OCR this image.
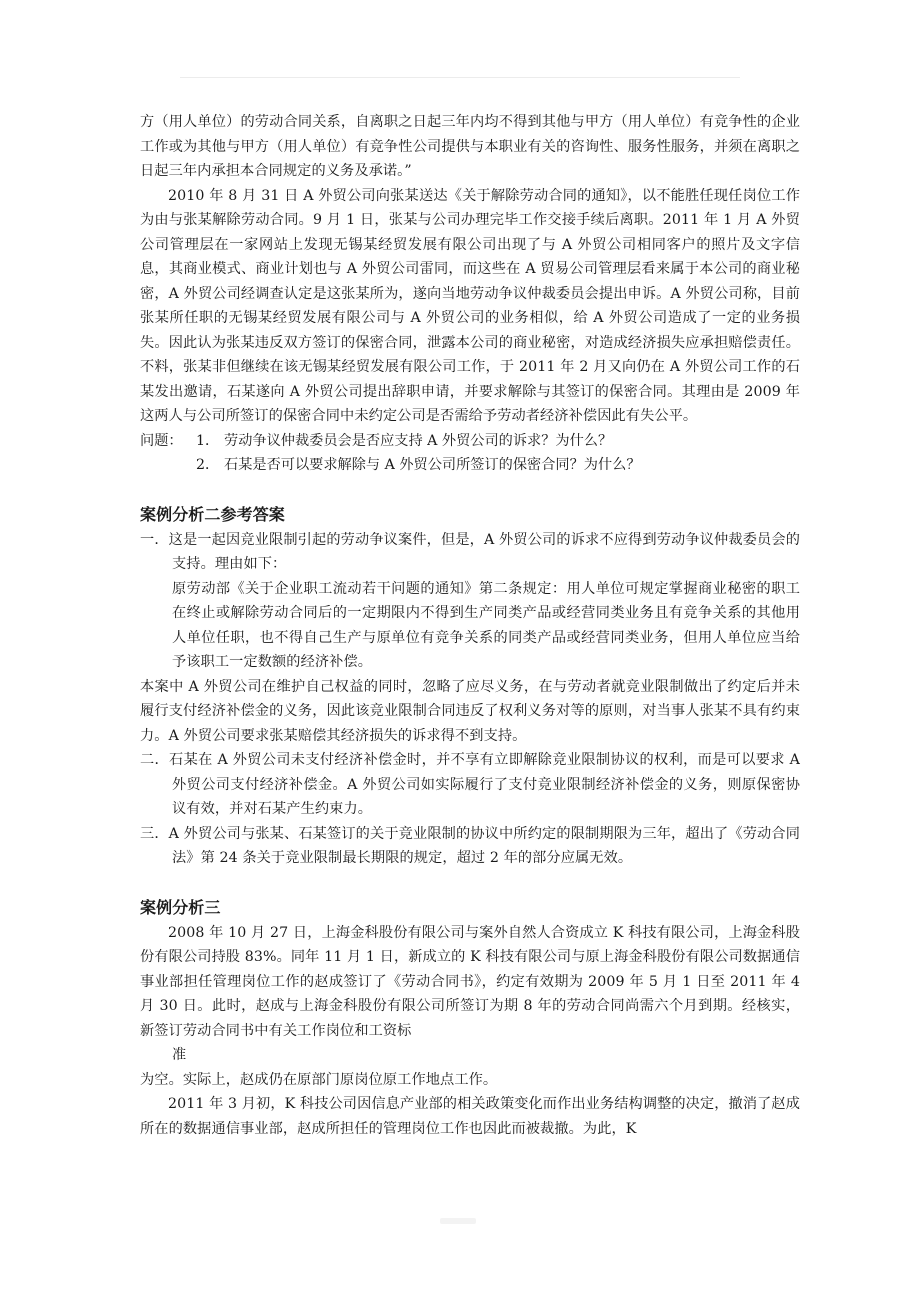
方（用人单位）的劳动合同关系，自离职之日起三年内均不得到其他与甲方（用人单位）有竞争性的企业工作或为其他与甲方（用人单位）有竞争性公司提供与本职业有关的咨询性、服务性服务，并须在离职之日起三年内承担本合同规定的义务及承诺。”

2010 年 8 月 31 日 A 外贸公司向张某送达《关于解除劳动合同的通知》，以不能胜任现任岗位工作为由与张某解除劳动合同。9 月 1 日，张某与公司办理完毕工作交接手续后离职。2011 年 1 月 A 外贸公司管理层在一家网站上发现无锡某经贸发展有限公司出现了与 A 外贸公司相同客户的照片及文字信息，其商业模式、商业计划也与 A 外贸公司雷同，而这些在 A 贸易公司管理层看来属于本公司的商业秘密，A 外贸公司经调查认定是这张某所为，遂向当地劳动争议仲裁委员会提出申诉。A 外贸公司称，目前张某所任职的无锡某经贸发展有限公司与 A 外贸公司的业务相似，给 A 外贸公司造成了一定的业务损失。因此认为张某违反双方签订的保密合同，泄露本公司的商业秘密，对造成经济损失应承担赔偿责任。不料，张某非但继续在该无锡某经贸发展有限公司工作，于 2011 年 2 月又向仍在 A 外贸公司工作的石某发出邀请，石某遂向 A 外贸公司提出辞职申请，并要求解除与其签订的保密合同。其理由是 2009 年这两人与公司所签订的保密合同中未约定公司是否需给予劳动者经济补偿因此有失公平。

问题： 1． 劳动争议仲裁委员会是否应支持 A 外贸公司的诉求？为什么？
2． 石某是否可以要求解除与 A 外贸公司所签订的保密合同？为什么？

案例分析二参考答案

一．这是一起因竞业限制引起的劳动争议案件，但是，A 外贸公司的诉求不应得到劳动争议仲裁委员会的支持。理由如下：

原劳动部《关于企业职工流动若干问题的通知》第二条规定：用人单位可规定掌握商业秘密的职工在终止或解除劳动合同后的一定期限内不得到生产同类产品或经营同类业务且有竞争关系的其他用人单位任职，也不得自己生产与原单位有竞争关系的同类产品或经营同类业务，但用人单位应当给予该职工一定数额的经济补偿。

本案中 A 外贸公司在维护自己权益的同时，忽略了应尽义务，在与劳动者就竞业限制做出了约定后并未履行支付经济补偿金的义务，因此该竞业限制合同违反了权利义务对等的原则，对当事人张某不具有约束力。A 外贸公司要求张某赔偿其经济损失的诉求得不到支持。

二．石某在 A 外贸公司未支付经济补偿金时，并不享有立即解除竞业限制协议的权利，而是可以要求 A 外贸公司支付经济补偿金。A 外贸公司如实际履行了支付竞业限制经济补偿金的义务，则原保密协议有效，并对石某产生约束力。

三．A 外贸公司与张某、石某签订的关于竞业限制的协议中所约定的限制期限为三年，超出了《劳动合同法》第 24 条关于竞业限制最长期限的规定，超过 2 年的部分应属无效。

案例分析三

2008 年 10 月 27 日，上海金科股份有限公司与案外自然人合资成立 K 科技有限公司，上海金科股份有限公司持股 83%。同年 11 月 1 日，新成立的 K 科技有限公司与原上海金科股份有限公司数据通信事业部担任管理岗位工作的赵成签订了《劳动合同书》，约定有效期为 2009 年 5 月 1 日至 2011 年 4 月 30 日。此时，赵成与上海金科股份有限公司所签订为期 8 年的劳动合同尚需六个月到期。经核实，新签订劳动合同书中有关工作岗位和工资标

准

为空。实际上，赵成仍在原部门原岗位原工作地点工作。

2011 年 3 月初，K 科技公司因信息产业部的相关政策变化而作出业务结构调整的决定，撤消了赵成所在的数据通信事业部，赵成所担任的管理岗位工作也因此而被裁撤。为此，K
